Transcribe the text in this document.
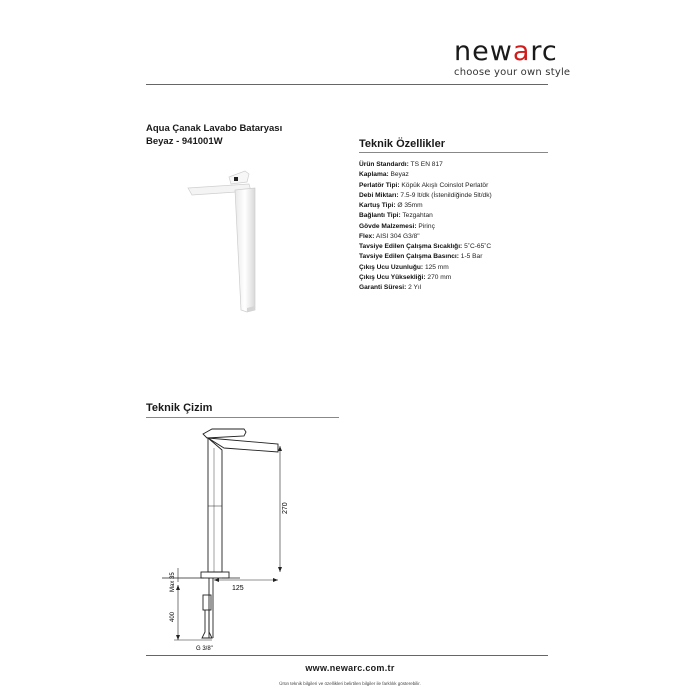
newarc
choose your own style
Aqua Çanak Lavabo Bataryası
Beyaz - 941001W	Teknik Özellikler
Ürün Standardı: TS EN 817
Kaplama: Beyaz
Perlatör Tipi: Köpük Akışlı Coinslot Perlatör
Debi Miktarı: 7.5-9 lt/dk (İstenildiğinde 5lt/dk)
Kartuş Tipi: Ø 35mm
Bağlantı Tipi: Tezgahtan
Gövde Malzemesi: Pirinç
Flex: AISI 304 G3/8"
Tavsiye Edilen Çalışma Sıcaklığı: 5˚C-65˚C
Tavsiye Edilen Çalışma Basıncı: 1-5 Bar
Çıkış Ucu Uzunluğu: 125 mm
Çıkış Ucu Yüksekliği: 270 mm
Garanti Süresi: 2 Yıl
Teknik Çizim
270
125
Max 35
400
G 3/8"
www.newarc.com.tr
Ürün teknik bilgileri ve özellikleri belirtilen bilgiler ile farklılık gösterebilir.
